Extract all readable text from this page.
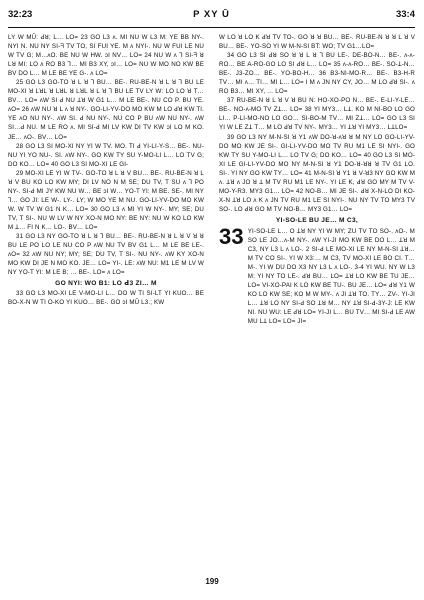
32:23	P XY Ū	33:4

LY W MŪ: ꓒꓤ; L… LO= 23 GO L3 ʌ. MI NU W L3 M: YE BB NY-. NYI N. NU NY SI-ᖷ TV TO, SI FUI YE. M ʌ NYI-. NU W FUI LE NU W TV G; M…ʌO. BE NU W HW. ɔI NV… LO= 24 NU W ʌ Ꞁ SI-ᖷ ꓤ Lꓤ MI: LO ʌ RO B3 Ꞁ… MI B3 XY, ɔI… LO= NU W MO NO KW BE BV DO L… M LE BE YE G-. ʌ LO=

25 GO L3 GO-TO ꓤ L ꓤ Ꞁ BU… BE-. RU-BE-N ꓤ L ꓤ Ꞁ BU LE MO-XI ꓤ LꓤL ꓤ LꓤL ꓤ LꓤL ꓤ L ꓤ Ꞁ BU LE TV LY W: LO LO ꓤ T… BV… LO= ʌW SI ꓒ NU ꓕꓤ W G1 L… M LE BE-. NU CO P. BU YE. ʌO= 26 ʌW NU ꓤ L ʌ ꓤ NY-. GO-LI-YV-DO MO KW M LO ꓒꓤ KW TI. YE ʌO NU NY-. ʌW SI. ꓒ NU NY-. NU CO P BU ʌW NU NY-. ʌW SI…ꓒ NU. M LE RO ʌ. MI SI-ꓒ MI LV KW DI TV KW ɔI LO M KO. JE… ʌO-. BV… LO=

28 GO L3 SI MO-XI NY YI W TV. MO. TI ꓒ YI-LI-Y-S… BE-. NU-NU YI YO NU-. SI. ʌW NY-. GO KW TY SU Y-MO-LI L… LO TV G; DO KO… LO= 40 GO L3 SI MO-XI LE GI-

29 MO-XI LE YI W TV-. GO-TO ꓤ L ꓤ V BU… BE-. RU-BE-N ꓤ L ꓤ V BU KO LO KW MY; DI LV NO N M SE; DU TV, T SU ʌ Ꞁ PO NY-. SI-ꓒ MI JY KW NU W… BE ɔI W… YO-T YI: M BE. SE-. MI NY Ꞁ… GO JI: LE W-. LY-. LY; W MO YE M NU. GO-LI-YV-DO MO KW W. W TV W G1 N K… LO= 30 GO L3 ʌ MI YI W NY-. MY; SE; DU TV, T SI-. NU W LV W NY XO-N MO NY: BE NY: NU W KO LO KW M ꓕ… FI N K… LO-. BV… LO=

31 GO L3 NY GO-TO ꓤ L ꓤ Ꞁ BU… BE-. RU-BE-N ꓤ L ꓤ V ꓤ ꓤ BU LE PO LO LE NU CO P ʌW NU TV BV G1 L… M LE BE LE-. ʌO= 32 ʌW NU NY; MY; SE; DU TV, T SI-. NU NY-. ʌW KY XO-N MO KW DI JE N MO KO. JE… LO= YI-. LE: ʌW NU: M1 LE M LV W NY YO-T YI: M LE B; … BE-. LO= ʌ LO=

GO NYI: WO B1: LO ꓒ3 ZI… M

33 GO L3 MO-XI LE V-MO-LI L… DO W TI SI-LT YI KUO… BE BO-X-N W TI O-KO YI KUO… BE-. GO ɔI MŪ L3.; KW

W LO ꓤ LO K ꓒꓤ TV TO-. GO ꓤ ꓤ BU… BE-. RU-BE-N ꓤ ꓤ L ꓤ V BU… BE-. YO-SO YI W M-N-SI BT: WO; TV G1…LO=

34 GO L3 SI ꓒꓤ SO ꓤ ꓤ L ꓤ Ꞁ BU LE-. DE-BO-N… BE-. ʌ-ʌ-RO… BE A-RO-GO LO SI ꓒꓤ L… LO= 35 ʌ-ʌ-RO… BE-. SO-ꓕ-N… BE-. J3-ZO… BE-. YO-BO-H… 36 B3-NI-MO-R… BE-. B3-H-R TV… MI ʌ… TI… MI L… LO= I M ʌ JN NY CY, JO… M LO ꓒꓤ SI-. ʌ RO B3… MI XY, … LO=

37 RU-BE-N ꓤ L ꓤ V ꓤ BU N: HO-XO-PO N… BE-. E-LI-Y-LE… BE-. NO-ʌ-MO TV Zꓕ… LO= 38 YI MY3… Lꓕ. KO M NI-BO LO GO LI… P-LI-MO-NO LO GO… SI-BO-M TV… MI Zꓕ… LO= GO L3 SI YI W LE Zꓕ T… M LO ꓒꓤ TV NY-. MY3… YI ꓕꓤ YI MY3… LꓕLO=

39 GO L3 NY M-N-SI ꓤ Y1 ʌW DO-ꓤ-ʌꓤ ꓤ M NY LO GO-LI-YV-DO MO KW JE SI-. GI-LI-YV-DO MO TV RU M1 LE SI NYI-. GO KW TY SU Y-MO-LI L… LO TV G; DO KO… LO= 40 GO L3 SI MO-XI LE GI-LI-YV-DO MO NY M-N-SI ꓤ Y1 DO-ꓤ-ꓤꓤ ꓤ TV G1 LO. SI-. YI NY GO KW TY… LO= 41 M-N-SI ꓤ Y1 ꓤ V-ꓤ3 NY GO KW M ʌ. ꓕꓤ ʌ JO ꓤ ꓕ M TV RU M1 LE NY-. YI LE K, ꓒꓤ GO MY M TV V-MO-Y-R3. MY3 G1… LO= 42 NO-B… MI JE SI-. ꓒꓤ X-N-LO DI KO-X-N ꓕꓤ LO ʌ K ʌ JN TV RU M1 LE SI NYI-. NU NY TV TO MY3 TV SO-. LO ꓒꓤ GO M TV NO-B… MY3 G1… LO=

YI-SO-LE BU JE… M C3,
33 YI-SO-LE L… O ꓕꓤ NY YI W MY; ZU TV TO SO-. ʌO-. M SO LE JO…ʌ-M NY-. ʌW YI-JI MO KW BE DO L… ꓕꓤ M C3, NY L3 L ʌ LO-. 2 SI-ꓒ LE MO-XI LE NY M-N-SI ꓕꓤ… M TV CO SI-. YI W X3:… M C3, TV MO-XI LE BO CI. T… M-. YI W DU DO X3 NY L3 L ʌ LO-. 3-4 YI WU. NY W L3 M: YI NY TO LE-. ꓒꓤ BU… LO= ꓕꓤ LO KW BE TU JE… LO= VI-XO-PAI K LO KW BE TU-. BU JE… LO= ꓒꓤ Y1 W KO LO KW SE; KO M W MY-. ʌ JI ꓕꓤ TO. TY… ZV-. YI-JI L… ꓕꓤ LO NY SI-ꓒ SO ꓕꓤ M… NY ꓕꓤ SI-ꓒ-3Y-J: LE KW NI. NU WU: LE ꓒꓤ LO= YI-JI L… BU TV… MI SI-ꓒ LE AW MU Lꓕ LO= LO= JI=

199
